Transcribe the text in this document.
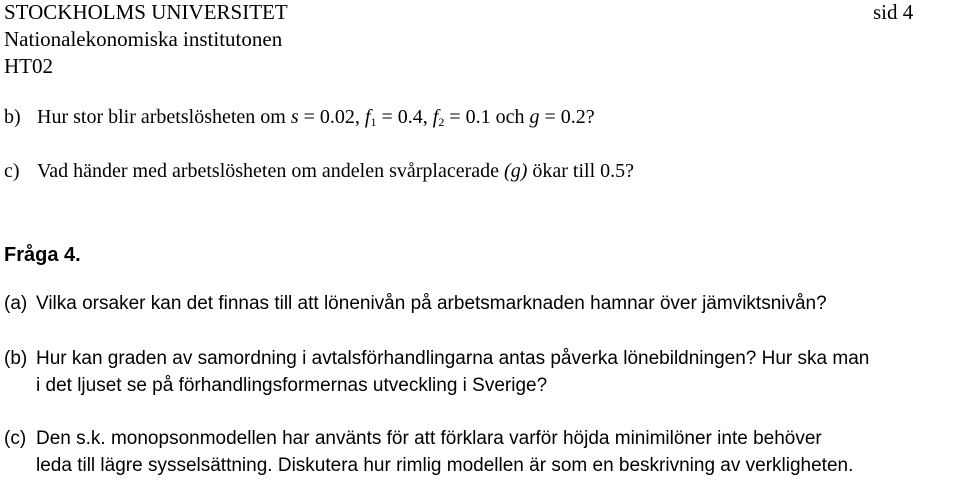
STOCKHOLMS UNIVERSITET	sid 4
Nationalekonomiska institutonen
HT02
b) Hur stor blir arbetslösheten om s = 0.02, $f_1 = 0.4$, $f_2 = 0.1$ och g = 0.2?
c) Vad händer med arbetslösheten om andelen svårplacerade (g) ökar till 0.5?
Fråga 4.
(a) Vilka orsaker kan det finnas till att lönenivån på arbetsmarknaden hamnar över jämviktsnivån?
(b) Hur kan graden av samordning i avtalsförhandlingarna antas påverka lönebildningen? Hur ska man
i det ljuset se på förhandlingsformernas utveckling i Sverige?
(c) Den s.k. monopsonmodellen har använts för att förklara varför höjda minimilöner inte behöver
leda till lägre sysselsättning. Diskutera hur rimlig modellen är som en beskrivning av verkligheten.
